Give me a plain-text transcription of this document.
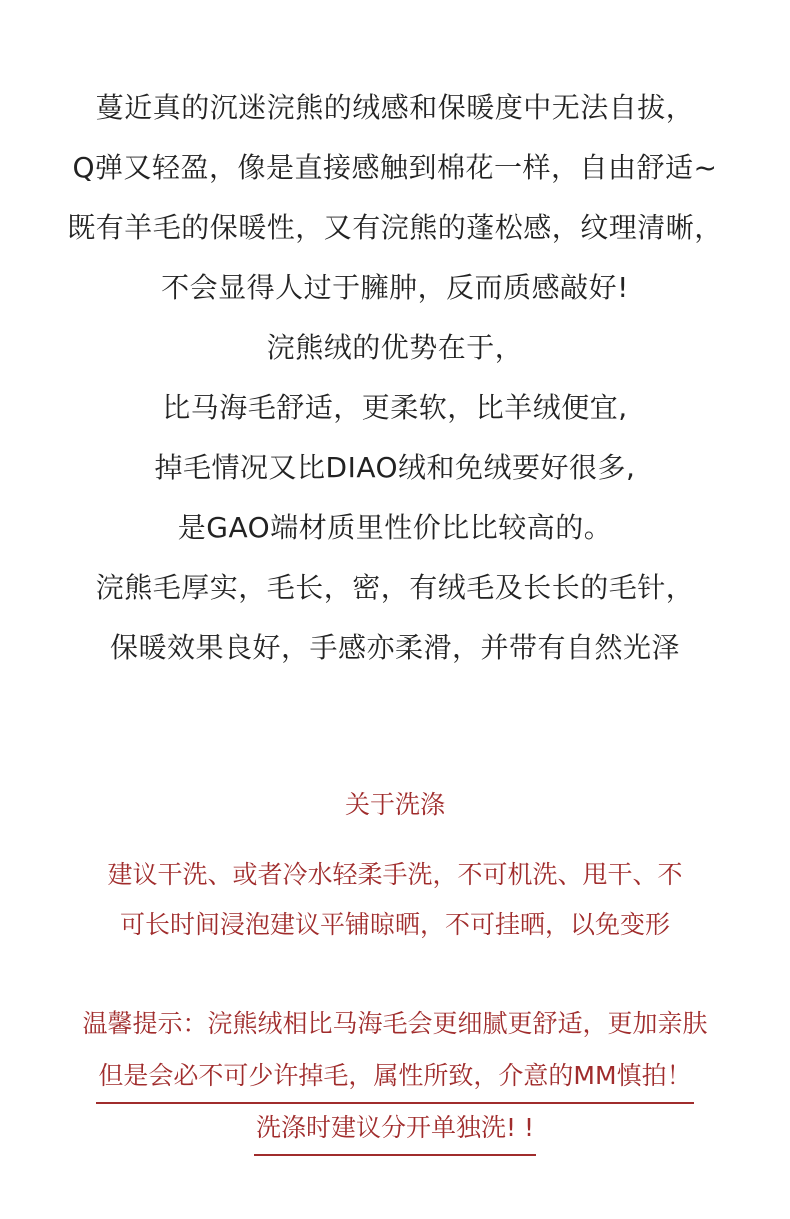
蔓近真的沉迷浣熊的绒感和保暖度中无法自拔，
Q弹又轻盈，像是直接感触到棉花一样，自由舒适~
既有羊毛的保暖性，又有浣熊的蓬松感，纹理清晰，
不会显得人过于臃肿，反而质感敲好!
浣熊绒的优势在于，
比马海毛舒适，更柔软，比羊绒便宜,
掉毛情况又比DIAO绒和免绒要好很多,
是GAO端材质里性价比比较高的。
浣熊毛厚实，毛长，密，有绒毛及长长的毛针，
保暖效果良好，手感亦柔滑，并带有自然光泽
关于洗涤
建议干洗、或者冷水轻柔手洗，不可机洗、甩干、不
可长时间浸泡建议平铺晾晒，不可挂晒，以免变形
温馨提示：浣熊绒相比马海毛会更细腻更舒适，更加亲肤
但是会必不可少许掉毛，属性所致，介意的MM慎拍！
洗涤时建议分开单独洗! !
